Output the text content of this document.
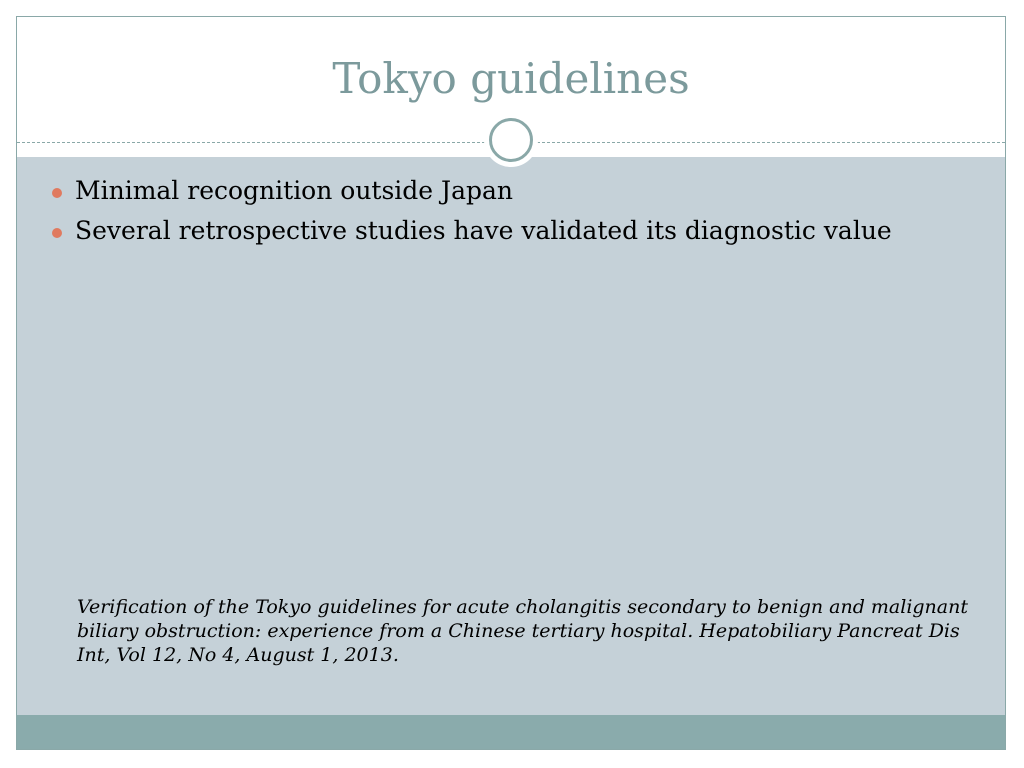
Tokyo guidelines
Minimal recognition outside Japan
Several retrospective studies have validated its diagnostic value
Verification of the Tokyo guidelines for acute cholangitis secondary to benign and malignant biliary obstruction: experience from a Chinese tertiary hospital. Hepatobiliary Pancreat Dis Int, Vol 12, No 4, August 1, 2013.
